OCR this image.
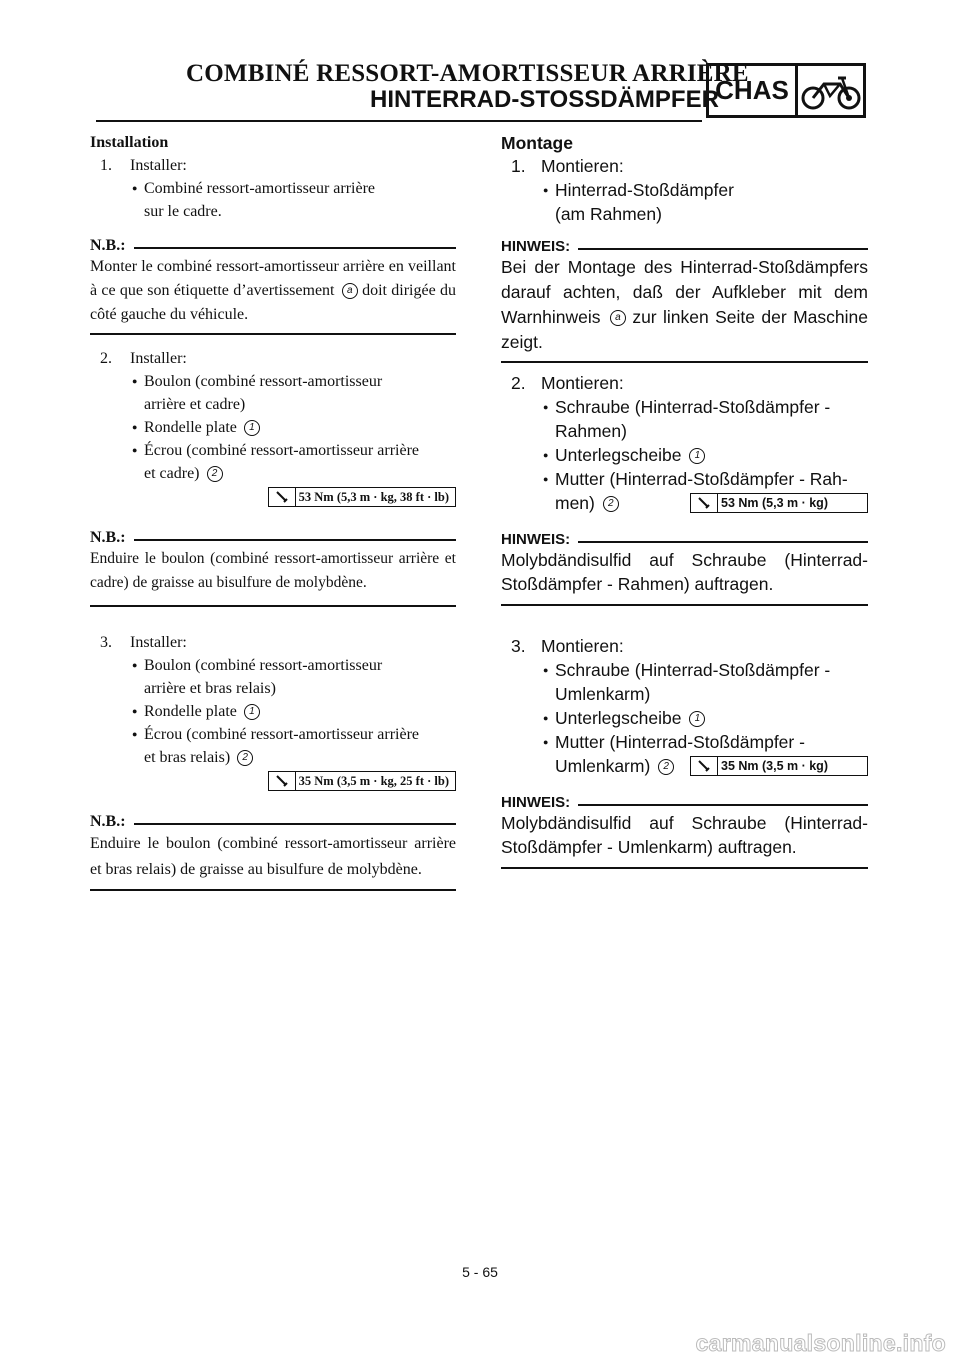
COMBINÉ RESSORT-AMORTISSEUR ARRIÈRE
HINTERRAD-STOSSDÄMPFER
CHAS
Installation
1. Installer:
● Combiné ressort-amortisseur arrière
sur le cadre.
N.B.:
Monter le combiné ressort-amortisseur arrière en veillant à ce que son étiquette d’avertissement a doit dirigée du côté gauche du véhicule.
2. Installer:
● Boulon (combiné ressort-amortisseur
arrière et cadre)
● Rondelle plate 1
● Écrou (combiné ressort-amortisseur arrière
et cadre) 2
53 Nm (5,3 m · kg, 38 ft · lb)
N.B.:
Enduire le boulon (combiné ressort-amortisseur arrière et cadre) de graisse au bisulfure de molybdène.
3. Installer:
● Boulon (combiné ressort-amortisseur
arrière et bras relais)
● Rondelle plate 1
● Écrou (combiné ressort-amortisseur arrière
et bras relais) 2
35 Nm (3,5 m · kg, 25 ft · lb)
N.B.:
Enduire le boulon (combiné ressort-amortisseur arrière et bras relais) de graisse au bisulfure de molybdène.
Montage
1. Montieren:
● Hinterrad-Stoßdämpfer
(am Rahmen)
HINWEIS:
Bei der Montage des Hinterrad-Stoßdämpfers darauf achten, daß der Aufkleber mit dem Warnhinweis a zur linken Seite der Maschine zeigt.
2. Montieren:
● Schraube (Hinterrad-Stoßdämpfer -
Rahmen)
● Unterlegscheibe 1
● Mutter (Hinterrad-Stoßdämpfer - Rah-
men) 2	53 Nm (5,3 m · kg)
HINWEIS:
Molybdändisulfid auf Schraube (Hinterrad-Stoßdämpfer - Rahmen) auftragen.
3. Montieren:
● Schraube (Hinterrad-Stoßdämpfer -
Umlenkarm)
● Unterlegscheibe 1
● Mutter (Hinterrad-Stoßdämpfer -
Umlenkarm) 2	35 Nm (3,5 m · kg)
HINWEIS:
Molybdändisulfid auf Schraube (Hinterrad-Stoßdämpfer - Umlenkarm) auftragen.
5 - 65
carmanualsonline.info
